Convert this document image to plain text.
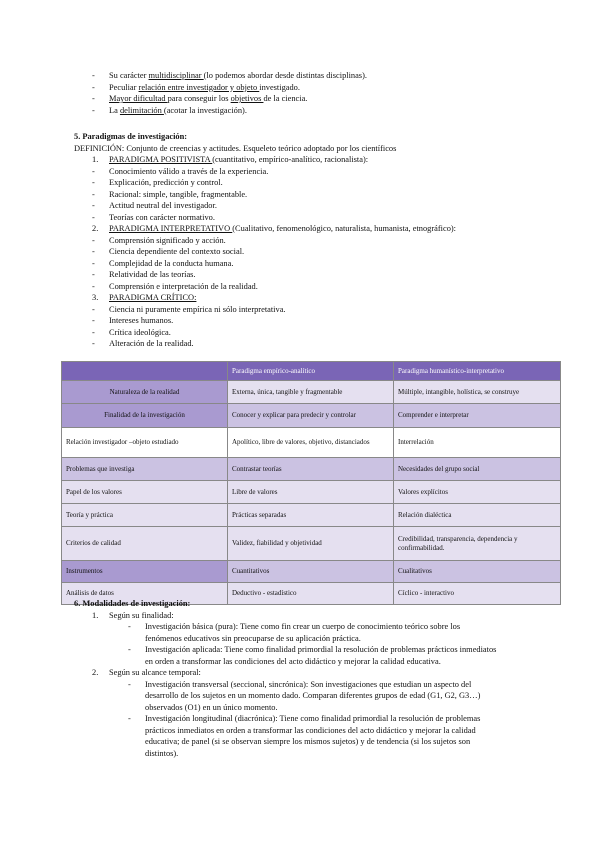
- Su carácter multidisciplinar (lo podemos abordar desde distintas disciplinas).
- Peculiar relación entre investigador y objeto investigado.
- Mayor dificultad para conseguir los objetivos de la ciencia.
- La delimitación (acotar la investigación).
5. Paradigmas de investigación:
DEFINICIÓN: Conjunto de creencias y actitudes. Esqueleto teórico adoptado por los científicos
1. PARADIGMA POSITIVISTA (cuantitativo, empírico-analítico, racionalista):
- Conocimiento válido a través de la experiencia.
- Explicación, predicción y control.
- Racional: simple, tangible, fragmentable.
- Actitud neutral del investigador.
- Teorías con carácter normativo.
2. PARADIGMA INTERPRETATIVO (Cualitativo, fenomenológico, naturalista, humanista, etnográfico):
- Comprensión significado y acción.
- Ciencia dependiente del contexto social.
- Complejidad de la conducta humana.
- Relatividad de las teorías.
- Comprensión e interpretación de la realidad.
3. PARADIGMA CRÍTICO:
- Ciencia ni puramente empírica ni sólo interpretativa.
- Intereses humanos.
- Crítica ideológica.
- Alteración de la realidad.
	Paradigma empírico-analítico	Paradigma humanístico-interpretativo
Naturaleza de la realidad	Externa, única, tangible y fragmentable	Múltiple, intangible, holística, se construye
Finalidad de la investigación	Conocer y explicar para predecir y controlar	Comprender e interpretar
Relación investigador –objeto estudiado	Apolítico, libre de valores, objetivo, distanciados	Interrelación
Problemas que investiga	Contrastar teorías	Necesidades del grupo social
Papel de los valores	Libre de valores	Valores explícitos
Teoría y práctica	Prácticas separadas	Relación dialéctica
Criterios de calidad	Validez, fiabilidad y objetividad	Credibilidad, transparencia, dependencia y confirmabilidad.
Instrumentos	Cuantitativos	Cualitativos
Análisis de datos	Deductivo - estadístico	Cíclico - interactivo
6. Modalidades de investigación:
1. Según su finalidad:
- Investigación básica (pura): Tiene como fin crear un cuerpo de conocimiento teórico sobre los
fenómenos educativos sin preocuparse de su aplicación práctica.
- Investigación aplicada: Tiene como finalidad primordial la resolución de problemas prácticos inmediatos
en orden a transformar las condiciones del acto didáctico y mejorar la calidad educativa.
2. Según su alcance temporal:
- Investigación transversal (seccional, sincrónica): Son investigaciones que estudian un aspecto del
desarrollo de los sujetos en un momento dado. Comparan diferentes grupos de edad (G1, G2, G3…)
observados (O1) en un único momento.
- Investigación longitudinal (diacrónica): Tiene como finalidad primordial la resolución de problemas
prácticos inmediatos en orden a transformar las condiciones del acto didáctico y mejorar la calidad
educativa; de panel (si se observan siempre los mismos sujetos) y de tendencia (si los sujetos son
distintos).
